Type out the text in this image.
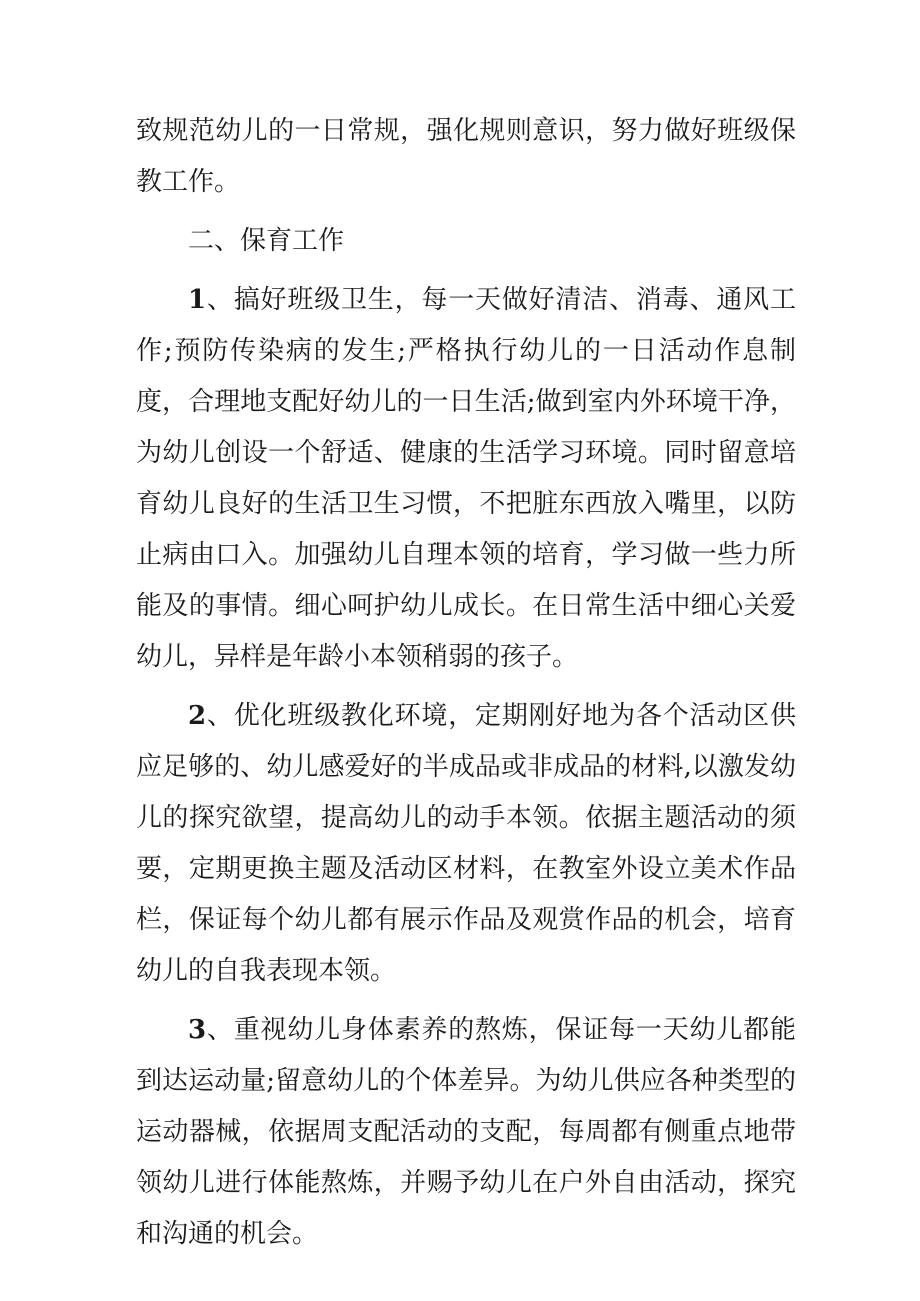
致规范幼儿的一日常规，强化规则意识，努力做好班级保教工作。

二、保育工作

1、搞好班级卫生，每一天做好清洁、消毒、通风工作;预防传染病的发生;严格执行幼儿的一日活动作息制度，合理地支配好幼儿的一日生活;做到室内外环境干净，为幼儿创设一个舒适、健康的生活学习环境。同时留意培育幼儿良好的生活卫生习惯，不把脏东西放入嘴里，以防止病由口入。加强幼儿自理本领的培育，学习做一些力所能及的事情。细心呵护幼儿成长。在日常生活中细心关爱幼儿，异样是年龄小本领稍弱的孩子。

2、优化班级教化环境，定期刚好地为各个活动区供应足够的、幼儿感爱好的半成品或非成品的材料,以激发幼儿的探究欲望，提高幼儿的动手本领。依据主题活动的须要，定期更换主题及活动区材料，在教室外设立美术作品栏，保证每个幼儿都有展示作品及观赏作品的机会，培育幼儿的自我表现本领。

3、重视幼儿身体素养的熬炼，保证每一天幼儿都能到达运动量;留意幼儿的个体差异。为幼儿供应各种类型的运动器械，依据周支配活动的支配，每周都有侧重点地带领幼儿进行体能熬炼，并赐予幼儿在户外自由活动，探究和沟通的机会。
